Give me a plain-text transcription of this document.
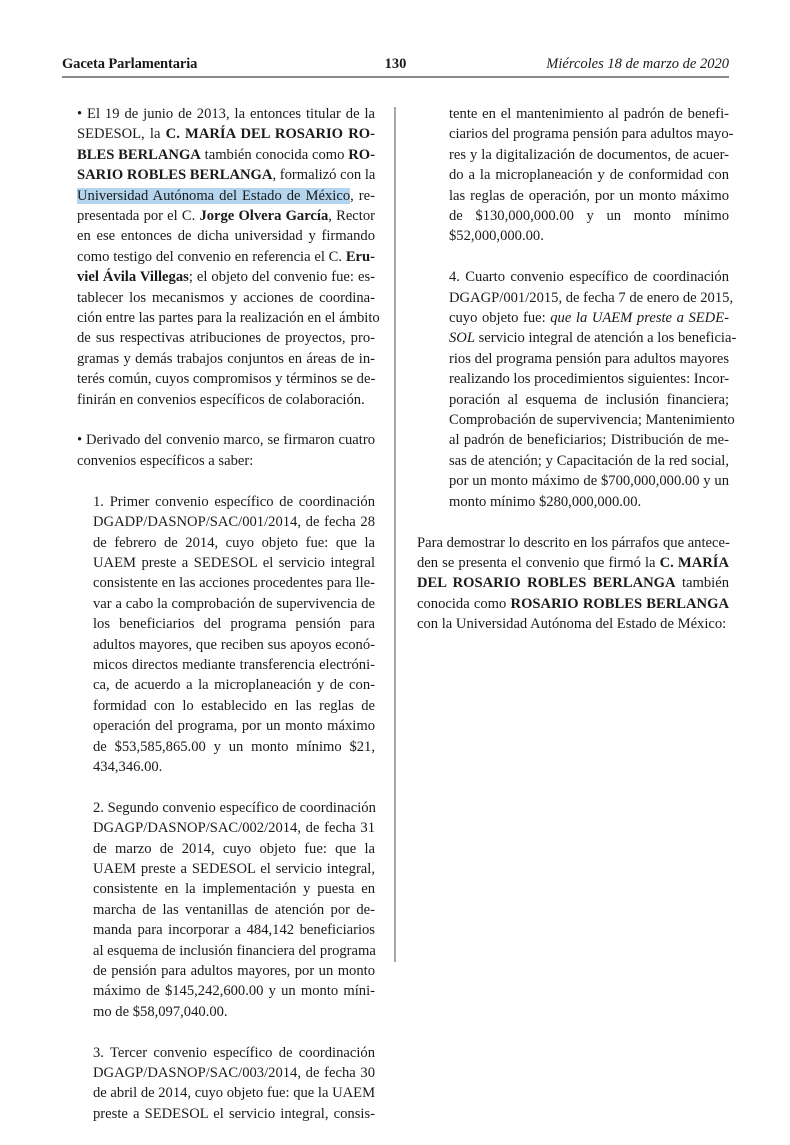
Gaceta Parlamentaria	130	Miércoles 18 de marzo de 2020
• El 19 de junio de 2013, la entonces titular de la
SEDESOL, la C. MARÍA DEL ROSARIO RO-
BLES BERLANGA también conocida como RO-
SARIO ROBLES BERLANGA, formalizó con la
Universidad Autónoma del Estado de México, re-
presentada por el C. Jorge Olvera García, Rector
en ese entonces de dicha universidad y firmando
como testigo del convenio en referencia el C. Eru-
viel Ávila Villegas; el objeto del convenio fue: es-
tablecer los mecanismos y acciones de coordina-
ción entre las partes para la realización en el ámbito
de sus respectivas atribuciones de proyectos, pro-
gramas y demás trabajos conjuntos en áreas de in-
terés común, cuyos compromisos y términos se de-
finirán en convenios específicos de colaboración.
• Derivado del convenio marco, se firmaron cuatro
convenios específicos a saber:
1. Primer convenio específico de coordinación
DGADP/DASNOP/SAC/001/2014, de fecha 28
de febrero de 2014, cuyo objeto fue: que la
UAEM preste a SEDESOL el servicio integral
consistente en las acciones procedentes para lle-
var a cabo la comprobación de supervivencia de
los beneficiarios del programa pensión para
adultos mayores, que reciben sus apoyos econó-
micos directos mediante transferencia electróni-
ca, de acuerdo a la microplaneación y de con-
formidad con lo establecido en las reglas de
operación del programa, por un monto máximo
de $53,585,865.00 y un monto mínimo $21,
434,346.00.
2. Segundo convenio específico de coordinación
DGAGP/DASNOP/SAC/002/2014, de fecha 31
de marzo de 2014, cuyo objeto fue: que la
UAEM preste a SEDESOL el servicio integral,
consistente en la implementación y puesta en
marcha de las ventanillas de atención por de-
manda para incorporar a 484,142 beneficiarios
al esquema de inclusión financiera del programa
de pensión para adultos mayores, por un monto
máximo de $145,242,600.00 y un monto míni-
mo de $58,097,040.00.
3. Tercer convenio específico de coordinación
DGAGP/DASNOP/SAC/003/2014, de fecha 30
de abril de 2014, cuyo objeto fue: que la UAEM
preste a SEDESOL el servicio integral, consis-
tente en el mantenimiento al padrón de benefi-
ciarios del programa pensión para adultos mayo-
res y la digitalización de documentos, de acuer-
do a la microplaneación y de conformidad con
las reglas de operación, por un monto máximo
de $130,000,000.00 y un monto mínimo
$52,000,000.00.
4. Cuarto convenio específico de coordinación
DGAGP/001/2015, de fecha 7 de enero de 2015,
cuyo objeto fue: que la UAEM preste a SEDE-
SOL servicio integral de atención a los beneficia-
rios del programa pensión para adultos mayores
realizando los procedimientos siguientes: Incor-
poración al esquema de inclusión financiera;
Comprobación de supervivencia; Mantenimiento
al padrón de beneficiarios; Distribución de me-
sas de atención; y Capacitación de la red social,
por un monto máximo de $700,000,000.00 y un
monto mínimo $280,000,000.00.
Para demostrar lo descrito en los párrafos que antece-
den se presenta el convenio que firmó la C. MARÍA
DEL ROSARIO ROBLES BERLANGA también
conocida como ROSARIO ROBLES BERLANGA
con la Universidad Autónoma del Estado de México:
